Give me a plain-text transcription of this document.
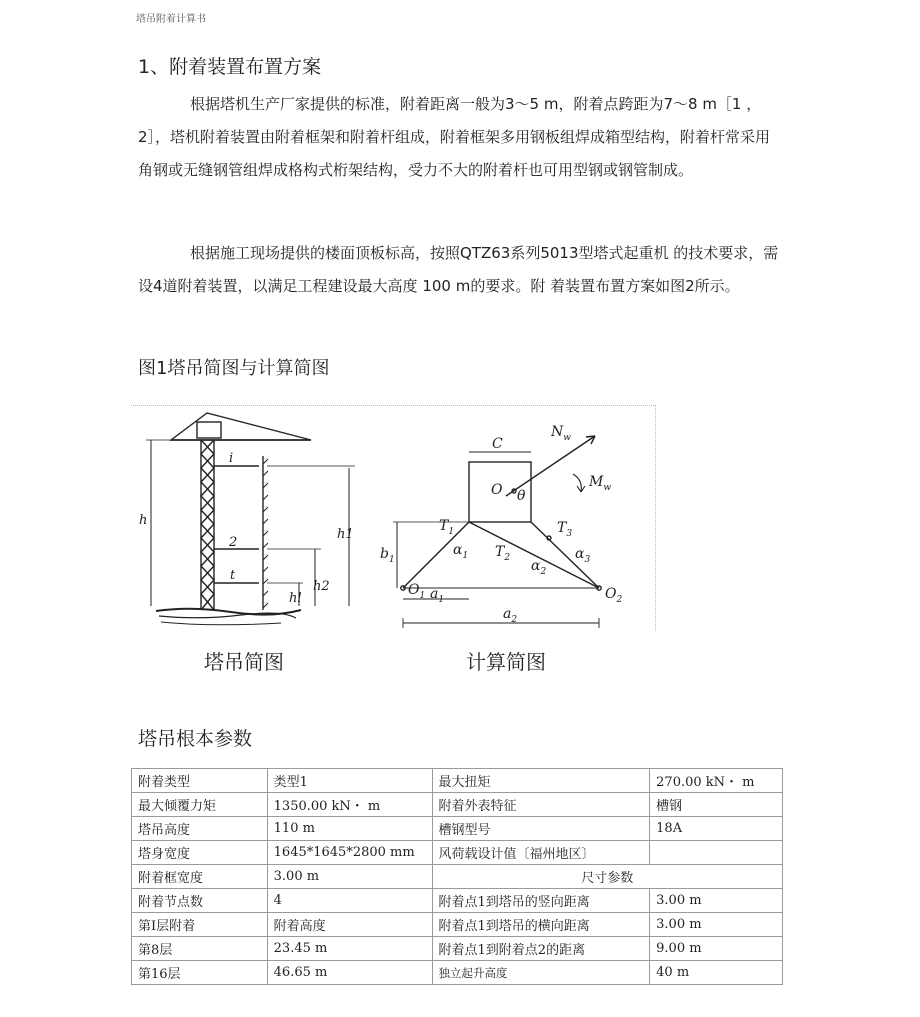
塔吊附着计算书
1、附着装置布置方案
根据塔机生产厂家提供的标准，附着距离一般为3～5 m，附着点跨距为7～8 m［1 ，2］，塔机附着装置由附着框架和附着杆组成，附着框架多用钢板组焊成箱型结构，附着杆常采用角钢或无缝钢管组焊成格构式桁架结构，受力不大的附着杆也可用型钢或钢管制成。
根据施工现场提供的楼面顶板标高，按照QTZ63系列5013型塔式起重机 的技术要求，需设4道附着装置，以满足工程建设最大高度 100 m的要求。附 着装置布置方案如图2所示。
图1塔吊简图与计算简图
h
h1
h2
hl
i
2
t
C
$N_w$
O θ
$M_w$
$T_1$
$T_2$
$T_3$
$\alpha_1$
$\alpha_2$
$\alpha_3$
$b_1$
$O_1$	$O_2$
$a_1$
$a_2$
塔吊简图	计算简图
塔吊根本参数
附着类型	类型1	最大扭矩	270.00 kN・ m
最大倾覆力矩	1350.00 kN・ m	附着外表特征	槽钢
塔吊高度	110 m	槽钢型号	18A
塔身宽度	1645*1645*2800 mm	风荷载设计值〔福州地区〕	
附着框宽度	3.00 m	尺寸参数	
附着节点数	4	附着点1到塔吊的竖向距离	3.00 m
第I层附着	附着高度	附着点1到塔吊的横向距离	3.00 m
第8层	23.45 m	附着点1到附着点2的距离	9.00 m
第16层	46.65 m	独立起升高度	40 m
